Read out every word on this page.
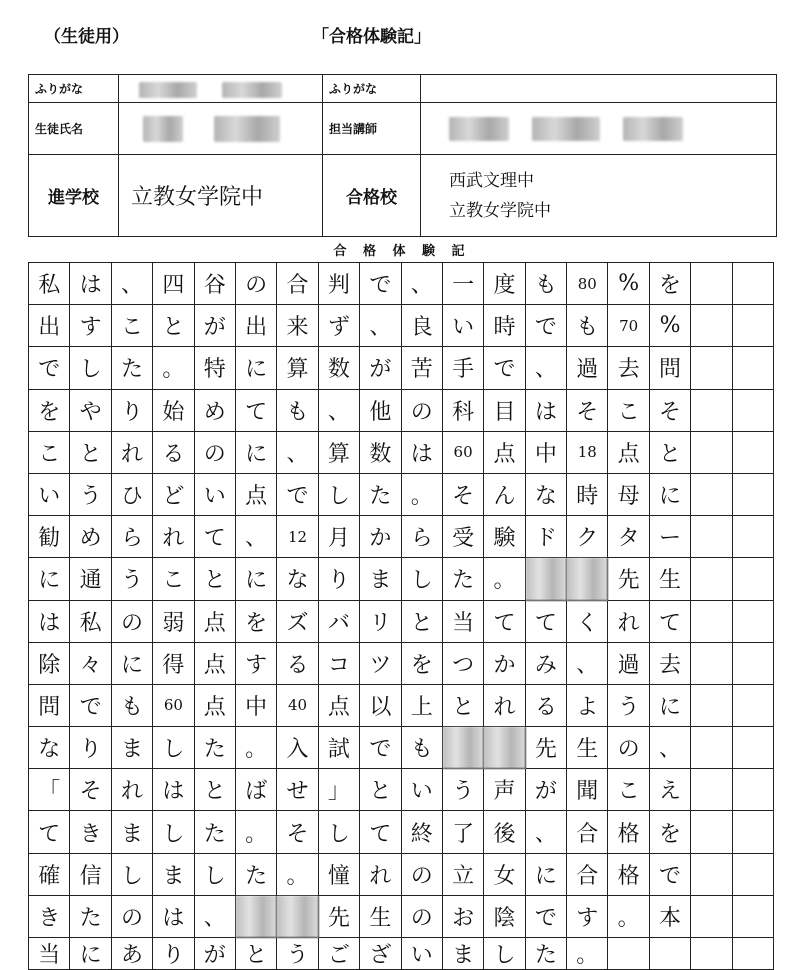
（生徒用）	「合格体験記」
ふりがな		ふりがな	
生徒氏名		担当講師	
進学校	立教女学院中	合格校	西武文理中
立教女学院中
合 格 体 験 記
私 は 、 四 谷 の 合 判 で 、 一 度 も	80 % を
出 す こ と が 出 来 ず 、 良 い 時 で も	70 %
で し た 。 特 に 算 数 が 苦 手 で 、 過 去 問
を や り 始 め て も 、 他 の 科 目 は そ こ そ
こ と れ る の に 、 算 数 は	60 点 中	18 点 と
い う ひ ど い 点 で し た 。 そ ん な 時 母 に
勧 め ら れ て 、	12 月 か ら 受 験 ド ク タ ー
に 通 う こ と に な り ま し た 。	先 生
は 私 の 弱 点 を ズ バ リ と 当 て て く れ て
除 々 に 得 点 す る コ ツ を つ か み 、 過 去
問 で も	60 点 中	40 点 以 上 と れ る よ う に
な り ま し た 。 入 試 で も	先 生 の 、
「 そ れ は と ば せ 」 と い う 声 が 聞 こ え
て き ま し た 。 そ し て 終 了 後 、 合 格 を
確 信 し ま し た 。 憧 れ の 立 女 に 合 格 で
き た の は 、	先 生 の お 陰 で す 。 本
当 に あ り が と う ご ざ い ま し た 。
